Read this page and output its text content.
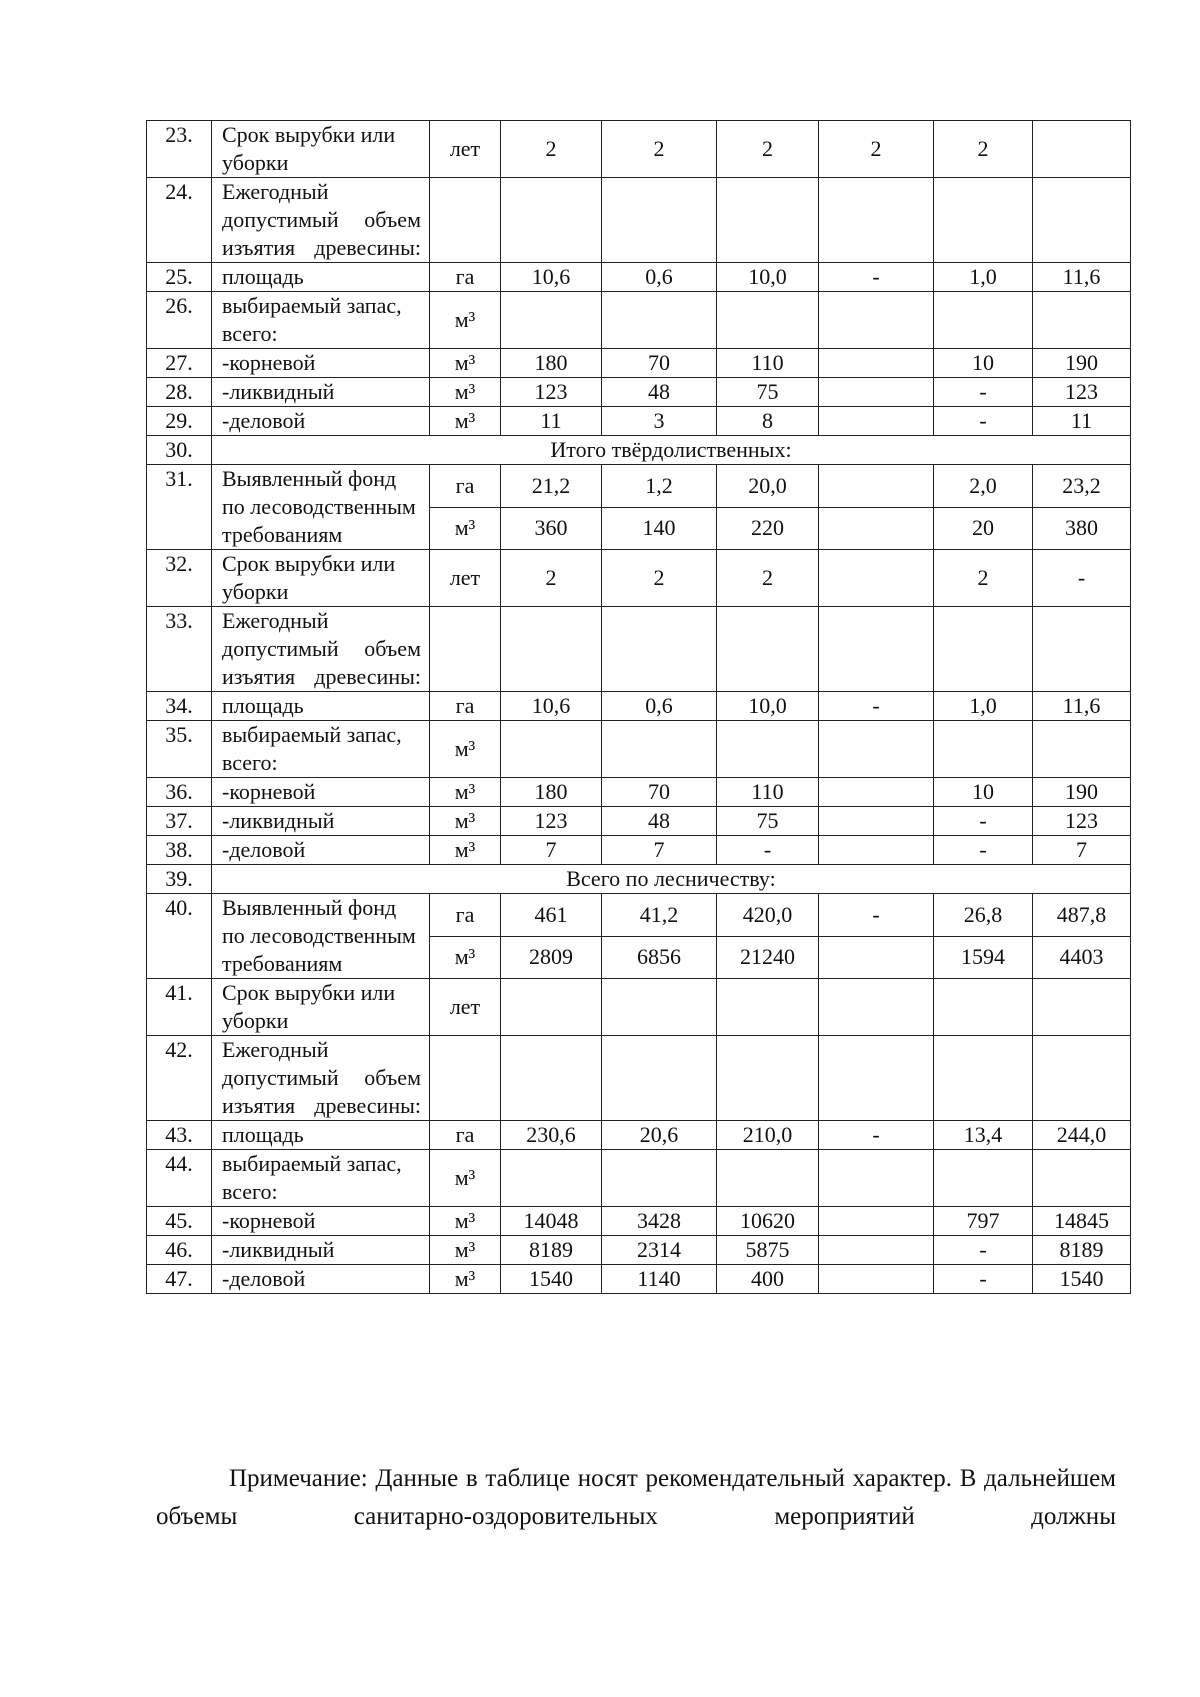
23.	Срок вырубки или уборки	лет	2	2	2	2	2	
24.	Ежегодный допустимый объем изъятия древесины:							
25.	площадь	га	10,6	0,6	10,0	-	1,0	11,6
26.	выбираемый запас, всего:	м³						
27.	-корневой	м³	180	70	110		10	190
28.	-ликвидный	м³	123	48	75		-	123
29.	-деловой	м³	11	3	8		-	11
30.	Итого твёрдолиственных:							
31.	Выявленный фонд по лесоводственным требованиям	га	21,2	1,2	20,0		2,0	23,2
		м³	360	140	220		20	380
32.	Срок вырубки или уборки	лет	2	2	2		2	-
33.	Ежегодный допустимый объем изъятия древесины:							
34.	площадь	га	10,6	0,6	10,0	-	1,0	11,6
35.	выбираемый запас, всего:	м³						
36.	-корневой	м³	180	70	110		10	190
37.	-ликвидный	м³	123	48	75		-	123
38.	-деловой	м³	7	7	-		-	7
39.	Всего по лесничеству:							
40.	Выявленный фонд по лесоводственным требованиям	га	461	41,2	420,0	-	26,8	487,8
		м³	2809	6856	21240		1594	4403
41.	Срок вырубки или уборки	лет						
42.	Ежегодный допустимый объем изъятия древесины:							
43.	площадь	га	230,6	20,6	210,0	-	13,4	244,0
44.	выбираемый запас, всего:	м³						
45.	-корневой	м³	14048	3428	10620		797	14845
46.	-ликвидный	м³	8189	2314	5875		-	8189
47.	-деловой	м³	1540	1140	400		-	1540

Примечание: Данные в таблице носят рекомендательный характер. В дальнейшем объемы санитарно-оздоровительных мероприятий должны
